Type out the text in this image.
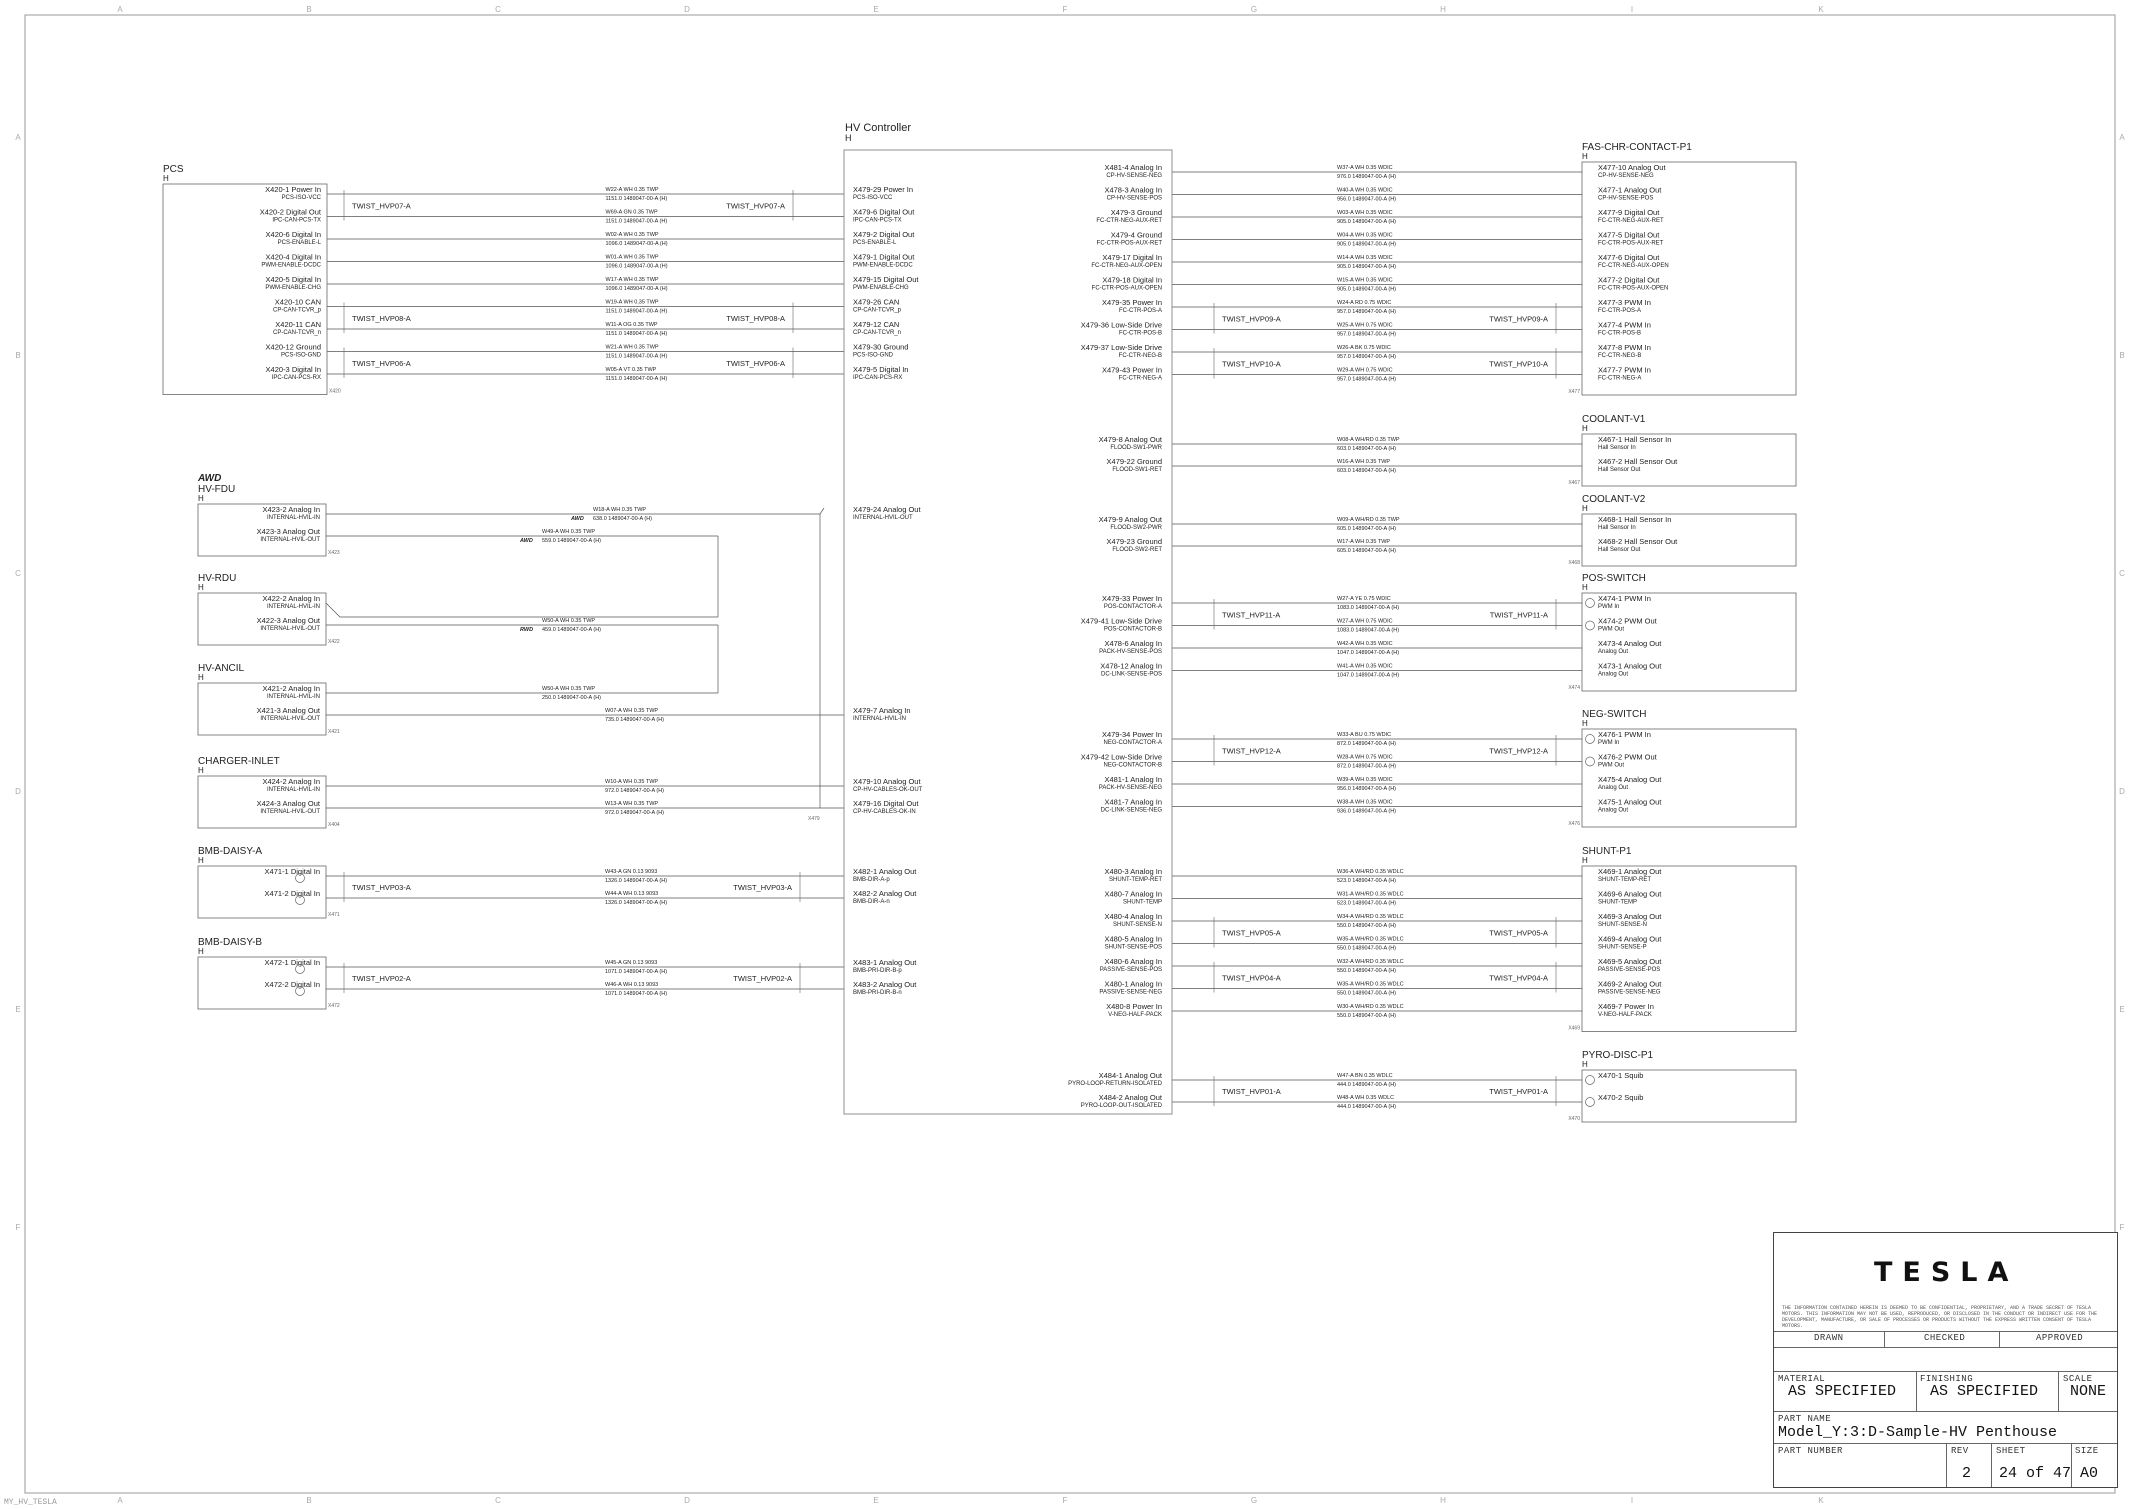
A
A
B
B
C
C
D
D
E
E
F
F
G
G
H
H
I
I
K
K
A	A
B	B
C	C
D	D
E	E
F	F
W22-A WH 0.35 TWP
1151.0 1489047-00-A (H)
W69-A GN 0.35 TWP
1151.0 1489047-00-A (H)
W02-A WH 0.35 TWP
1096.0 1489047-00-A (H)
W01-A WH 0.35 TWP
1096.0 1489047-00-A (H)
W17-A WH 0.35 TWP
1096.0 1489047-00-A (H)
W19-A WH 0.35 TWP
1151.0 1489047-00-A (H)
W11-A OG 0.35 TWP
1151.0 1489047-00-A (H)
W21-A WH 0.35 TWP
1151.0 1489047-00-A (H)
W05-A VT 0.35 TWP
1151.0 1489047-00-A (H)
TWIST_HVP07-A	TWIST_HVP07-A
TWIST_HVP08-A	TWIST_HVP08-A
TWIST_HVP06-A	TWIST_HVP06-A
W18-A WH 0.35 TWP
AWD 638.0 1489047-00-A (H)
W49-A WH 0.35 TWP
AWD 559.0 1489047-00-A (H)
W50-A WH 0.35 TWP
RWD 459.0 1489047-00-A (H)
W50-A WH 0.35 TWP
250.0 1489047-00-A (H)
W07-A WH 0.35 TWP
735.0 1489047-00-A (H)
W10-A WH 0.35 TWP
972.0 1489047-00-A (H)
W13-A WH 0.35 TWP
972.0 1489047-00-A (H)
W43-A GN 0.13 9093
1326.0 1489047-00-A (H)
W44-A WH 0.13 9093
1326.0 1489047-00-A (H)
TWIST_HVP03-A	TWIST_HVP03-A
W45-A GN 0.13 9093
1071.0 1489047-00-A (H)
W46-A WH 0.13 9093
1071.0 1489047-00-A (H)
TWIST_HVP02-A	TWIST_HVP02-A
W37-A WH 0.35 WDIC
976.0 1489047-00-A (H)
W40-A WH 0.35 WDIC
956.0 1489047-00-A (H)
W03-A WH 0.35 WDIC
905.0 1489047-00-A (H)
W04-A WH 0.35 WDIC
905.0 1489047-00-A (H)
W14-A WH 0.35 WDIC
905.0 1489047-00-A (H)
W15-A WH 0.35 WDIC
905.0 1489047-00-A (H)
W24-A RD 0.75 WDIC
957.0 1489047-00-A (H)
W25-A WH 0.75 WDIC
957.0 1489047-00-A (H)
W26-A BK 0.75 WDIC
957.0 1489047-00-A (H)
W29-A WH 0.75 WDIC
957.0 1489047-00-A (H)
W08-A WH/RD 0.35 TWP
603.0 1489047-00-A (H)
W16-A WH 0.35 TWP
603.0 1489047-00-A (H)
W09-A WH/RD 0.35 TWP
605.0 1489047-00-A (H)
W17-A WH 0.35 TWP
605.0 1489047-00-A (H)
W27-A YE 0.75 WDIC
1083.0 1489047-00-A (H)
W27-A WH 0.75 WDIC
1083.0 1489047-00-A (H)
W42-A WH 0.35 WDIC
1047.0 1489047-00-A (H)
W41-A WH 0.35 WDIC
1047.0 1489047-00-A (H)
W33-A BU 0.75 WDIC
872.0 1489047-00-A (H)
W28-A WH 0.75 WDIC
872.0 1489047-00-A (H)
W39-A WH 0.35 WDIC
956.0 1489047-00-A (H)
W38-A WH 0.35 WDIC
936.0 1489047-00-A (H)
W36-A WH/RD 0.35 WDLC
523.0 1489047-00-A (H)
W31-A WH/RD 0.35 WDLC
523.0 1489047-00-A (H)
W34-A WH/RD 0.35 WDLC
550.0 1489047-00-A (H)
W35-A WH/RD 0.35 WDLC
550.0 1489047-00-A (H)
W32-A WH/RD 0.35 WDLC
550.0 1489047-00-A (H)
W35-A WH/RD 0.35 WDLC
550.0 1489047-00-A (H)
W30-A WH/RD 0.35 WDLC
550.0 1489047-00-A (H)
W47-A BN 0.35 WDLC
444.0 1489047-00-A (H)
W48-A WH 0.35 WDLC
444.0 1489047-00-A (H)
TWIST_HVP09-A	TWIST_HVP09-A
TWIST_HVP10-A	TWIST_HVP10-A
TWIST_HVP11-A	TWIST_HVP11-A
TWIST_HVP12-A	TWIST_HVP12-A
TWIST_HVP05-A	TWIST_HVP05-A
TWIST_HVP04-A	TWIST_HVP04-A
TWIST_HVP01-A	TWIST_HVP01-A
PCS
H
X420-1 Power In
PCS-ISO-VCC
X420-2 Digital Out
IPC-CAN-PCS-TX
X420-6 Digital In
PCS-ENABLE-L
X420-4 Digital In
PWM-ENABLE-DCDC
X420-5 Digital In
PWM-ENABLE-CHG
X420-10 CAN
CP-CAN-TCVR_p
X420-11 CAN
CP-CAN-TCVR_n
X420-12 Ground
PCS-ISO-GND
X420-3 Digital In
IPC-CAN-PCS-RX
X420
AWD
HV-FDU
H
X423-2 Analog In
INTERNAL-HVIL-IN
X423-3 Analog Out
INTERNAL-HVIL-OUT
X423
HV-RDU
H
X422-2 Analog In
INTERNAL-HVIL-IN
X422-3 Analog Out
INTERNAL-HVIL-OUT
X422
HV-ANCIL
H
X421-2 Analog In
INTERNAL-HVIL-IN
X421-3 Analog Out
INTERNAL-HVIL-OUT
X421
CHARGER-INLET
H
X424-2 Analog In
INTERNAL-HVIL-IN
X424-3 Analog Out
INTERNAL-HVIL-OUT
X404
BMB-DAISY-A
H
X471-1 Digital In
X471-2 Digital In
X471
BMB-DAISY-B
H
X472-1 Digital In
X472-2 Digital In
X472
FAS-CHR-CONTACT-P1
H
X477-10 Analog Out
CP-HV-SENSE-NEG
X477-1 Analog Out
CP-HV-SENSE-POS
X477-9 Digital Out
FC-CTR-NEG-AUX-RET
X477-5 Digital Out
FC-CTR-POS-AUX-RET
X477-6 Digital Out
FC-CTR-NEG-AUX-OPEN
X477-2 Digital Out
FC-CTR-POS-AUX-OPEN
X477-3 PWM In
FC-CTR-POS-A
X477-4 PWM In
FC-CTR-POS-B
X477-8 PWM In
FC-CTR-NEG-B
X477-7 PWM In
FC-CTR-NEG-A
X477
COOLANT-V1
H
X467-1 Hall Sensor In
Hall Sensor In
X467-2 Hall Sensor Out
Hall Sensor Out
X467
COOLANT-V2
H
X468-1 Hall Sensor In
Hall Sensor In
X468-2 Hall Sensor Out
Hall Sensor Out
X468
POS-SWITCH
H
X474-1 PWM In
PWM In
X474-2 PWM Out
PWM Out
X473-4 Analog Out
Analog Out
X473-1 Analog Out
Analog Out
X474
NEG-SWITCH
H
X476-1 PWM In
PWM In
X476-2 PWM Out
PWM Out
X475-4 Analog Out
Analog Out
X475-1 Analog Out
Analog Out
X476
SHUNT-P1
H
X469-1 Analog Out
SHUNT-TEMP-RET
X469-6 Analog Out
SHUNT-TEMP
X469-3 Analog Out
SHUNT-SENSE-N
X469-4 Analog Out
SHUNT-SENSE-P
X469-5 Analog Out
PASSIVE-SENSE-POS
X469-2 Analog Out
PASSIVE-SENSE-NEG
X469-7 Power In
V-NEG-HALF-PACK
X469
PYRO-DISC-P1
H
X470-1 Squib
X470-2 Squib
X470
HV Controller
H
X479-29 Power In
PCS-ISO-VCC
X479-6 Digital Out
IPC-CAN-PCS-TX
X479-2 Digital Out
PCS-ENABLE-L
X479-1 Digital Out
PWM-ENABLE-DCDC
X479-15 Digital Out
PWM-ENABLE-CHG
X479-26 CAN
CP-CAN-TCVR_p
X479-12 CAN
CP-CAN-TCVR_n
X479-30 Ground
PCS-ISO-GND
X479-5 Digital In
IPC-CAN-PCS-RX
X479-24 Analog Out
INTERNAL-HVIL-OUT
X479-7 Analog In
INTERNAL-HVIL-IN
X479-10 Analog Out
CP-HV-CABLES-OK-OUT
X479-16 Digital Out
CP-HV-CABLES-OK-IN
X482-1 Analog Out
BMB-DIR-A-p
X482-2 Analog Out
BMB-DIR-A-n
X483-1 Analog Out
BMB-PRI-DIR-B-p
X483-2 Analog Out
BMB-PRI-DIR-B-n
X481-4 Analog In
CP-HV-SENSE-NEG
X478-3 Analog In
CP-HV-SENSE-POS
X479-3 Ground
FC-CTR-NEG-AUX-RET
X479-4 Ground
FC-CTR-POS-AUX-RET
X479-17 Digital In
FC-CTR-NEG-AUX-OPEN
X479-18 Digital In
FC-CTR-POS-AUX-OPEN
X479-35 Power In
FC-CTR-POS-A
X479-36 Low-Side Drive
FC-CTR-POS-B
X479-37 Low-Side Drive
FC-CTR-NEG-B
X479-43 Power In
FC-CTR-NEG-A
X479-8 Analog Out
FLOOD-SW1-PWR
X479-22 Ground
FLOOD-SW1-RET
X479-9 Analog Out
FLOOD-SW2-PWR
X479-23 Ground
FLOOD-SW2-RET
X479-33 Power In
POS-CONTACTOR-A
X479-41 Low-Side Drive
POS-CONTACTOR-B
X478-6 Analog In
PACK-HV-SENSE-POS
X478-12 Analog In
DC-LINK-SENSE-POS
X479-34 Power In
NEG-CONTACTOR-A
X479-42 Low-Side Drive
NEG-CONTACTOR-B
X481-1 Analog In
PACK-HV-SENSE-NEG
X481-7 Analog In
DC-LINK-SENSE-NEG
X480-3 Analog In
SHUNT-TEMP-RET
X480-7 Analog In
SHUNT-TEMP
X480-4 Analog In
SHUNT-SENSE-N
X480-5 Analog In
SHUNT-SENSE-POS
X480-6 Analog In
PASSIVE-SENSE-POS
X480-1 Analog In
PASSIVE-SENSE-NEG
X480-8 Power In
V-NEG-HALF-PACK
X484-1 Analog Out
PYRO-LOOP-RETURN-ISOLATED
X484-2 Analog Out
PYRO-LOOP-OUT-ISOLATED
X479
TESLA
THE INFORMATION CONTAINED HEREIN IS DEEMED TO BE CONFIDENTIAL, PROPRIETARY, AND A TRADE SECRET OF TESLA MOTORS. THIS INFORMATION MAY NOT BE USED, REPRODUCED, OR DISCLOSED IN THE CONDUCT OR INDIRECT USE FOR THE DEVELOPMENT, MANUFACTURE, OR SALE OF PROCESSES OR PRODUCTS WITHOUT THE EXPRESS WRITTEN CONSENT OF TESLA MOTORS.
DRAWN	CHECKED	APPROVED
MATERIAL
AS SPECIFIED
FINISHING
AS SPECIFIED
SCALE
NONE
PART NAME
Model_Y:3:D-Sample-HV Penthouse
PART NUMBER	REV
2
SHEET
24 of 47
SIZE
A0
MY_HV_TESLA
